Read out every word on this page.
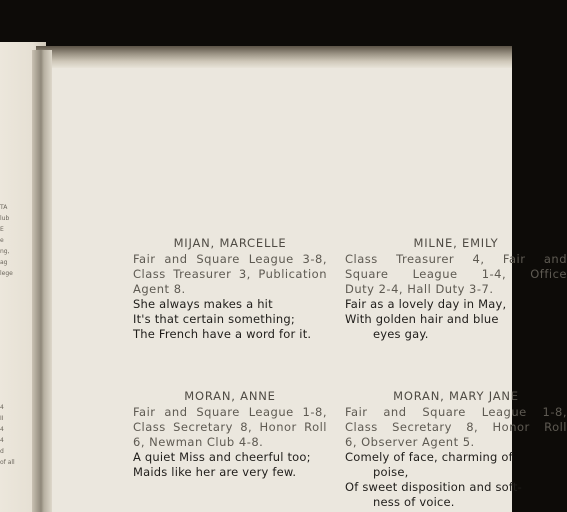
TA
lub
E
e
ng,
ag
lege
4
II
4
4
d
of all
MIJAN, MARCELLE
Fair and Square League 3-8,
Class Treasurer 3, Publication
Agent 8.
She always makes a hit
It's that certain something;
The French have a word for it.
MILNE, EMILY
Class Treasurer 4, Fair and
Square League 1-4, Office
Duty 2-4, Hall Duty 3-7.
Fair as a lovely day in May,
With golden hair and blue
eyes gay.
MORAN, ANNE
Fair and Square League 1-8,
Class Secretary 8, Honor Roll
6, Newman Club 4-8.
A quiet Miss and cheerful too;
Maids like her are very few.
MORAN, MARY JANE
Fair and Square League 1-8,
Class Secretary 8, Honor Roll
6, Observer Agent 5.
Comely of face, charming of
poise,
Of sweet disposition and soft-
ness of voice.
